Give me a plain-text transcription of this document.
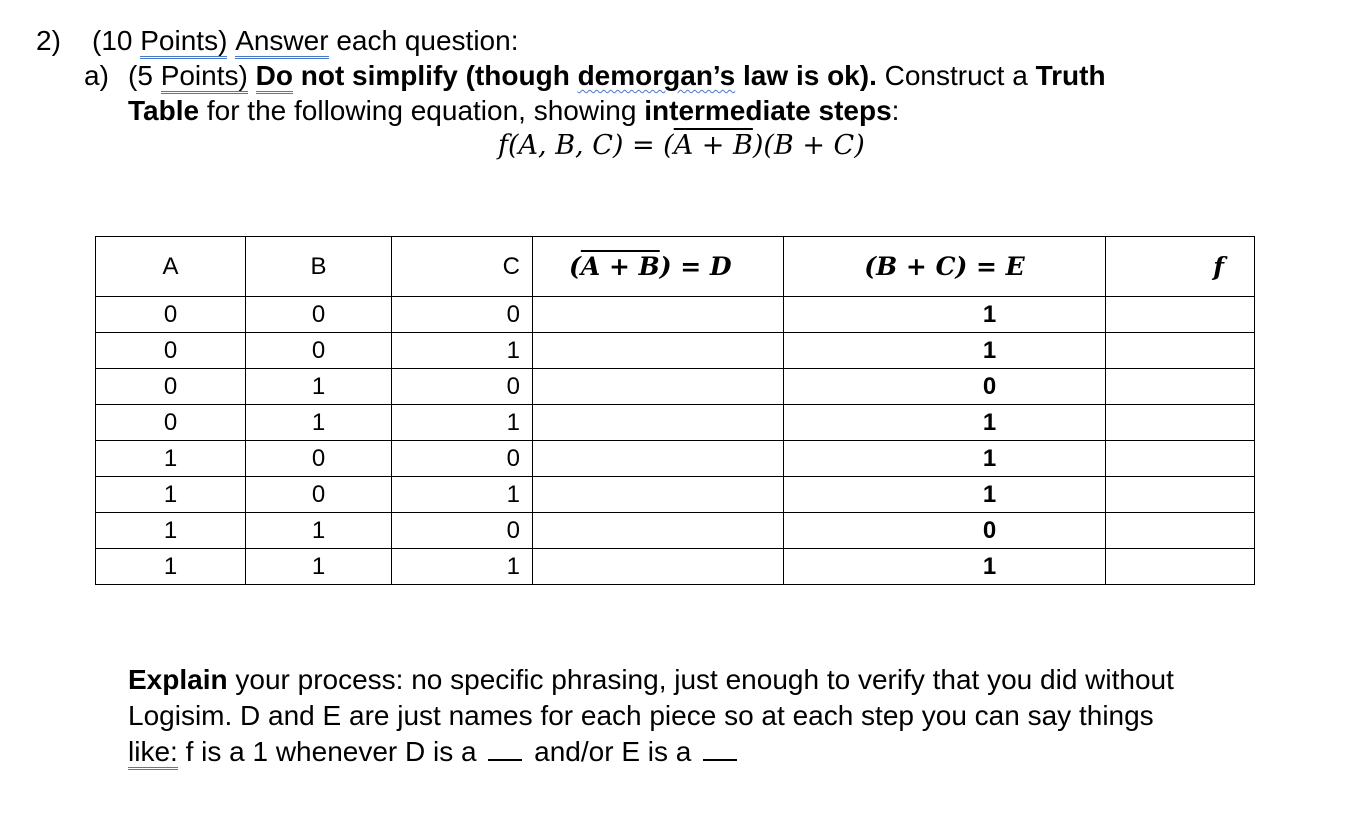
2) (10 Points) Answer each question:
a) (5 Points) Do not simplify (though demorgan’s law is ok). Construct a Truth
Table for the following equation, showing intermediate steps:
f(A, B, C) = (A + B)(B + C)
A	B	C	(A + B) = D	(B + C) = E	f
0	0	0		1	
0	0	1		1	
0	1	0		0	
0	1	1		1	
1	0	0		1	
1	0	1		1	
1	1	0		0	
1	1	1		1	
Explain your process: no specific phrasing, just enough to verify that you did without
Logisim. D and E are just names for each piece so at each step you can say things
like: f is a 1 whenever D is a  and/or E is a
